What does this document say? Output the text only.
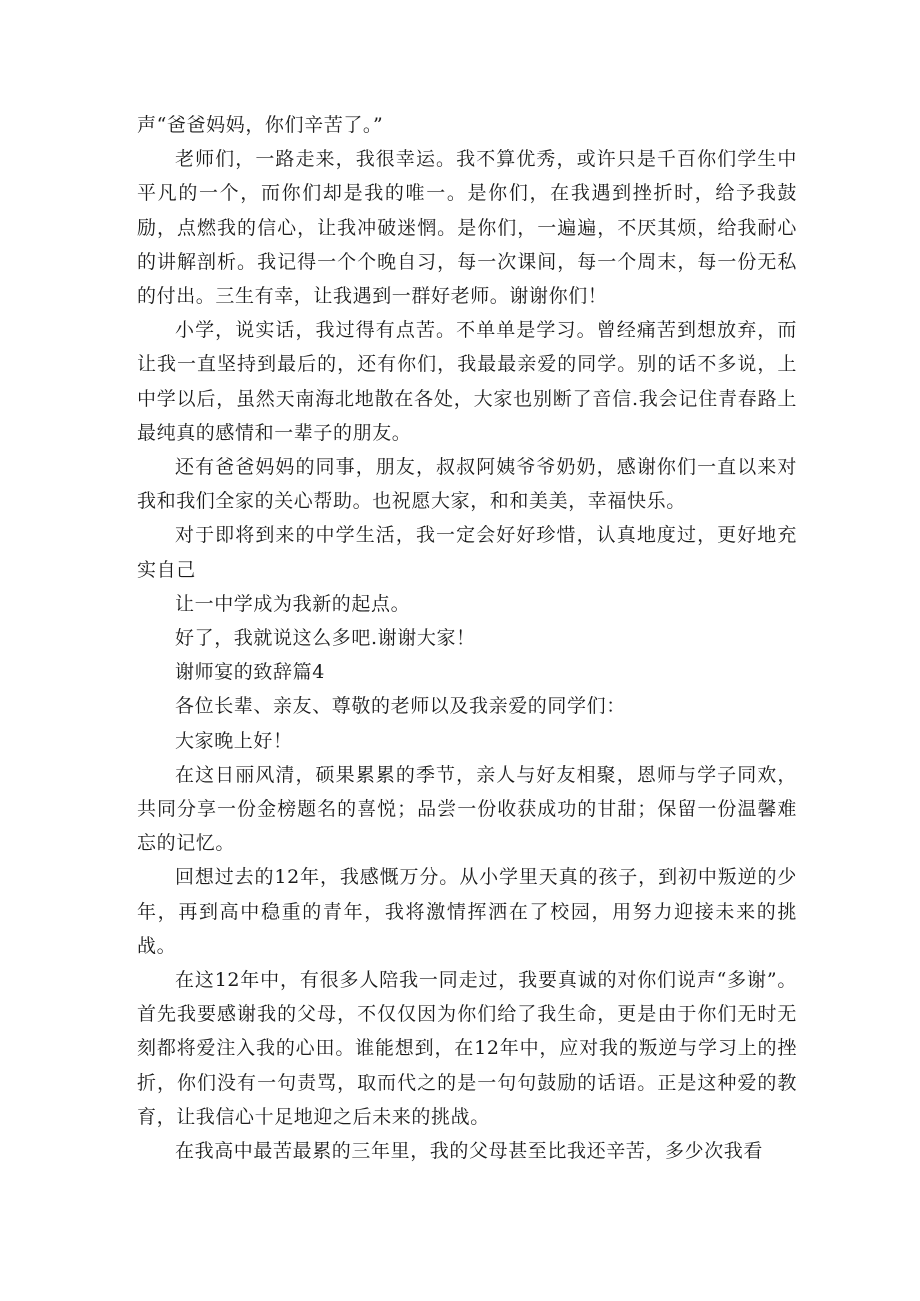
声“爸爸妈妈，你们辛苦了。”

老师们，一路走来，我很幸运。我不算优秀，或许只是千百你们学生中平凡的一个，而你们却是我的唯一。是你们，在我遇到挫折时，给予我鼓励，点燃我的信心，让我冲破迷惘。是你们，一遍遍，不厌其烦，给我耐心的讲解剖析。我记得一个个晚自习，每一次课间，每一个周末，每一份无私的付出。三生有幸，让我遇到一群好老师。谢谢你们！

小学，说实话，我过得有点苦。不单单是学习。曾经痛苦到想放弃，而让我一直坚持到最后的，还有你们，我最最亲爱的同学。别的话不多说，上中学以后，虽然天南海北地散在各处，大家也别断了音信.我会记住青春路上最纯真的感情和一辈子的朋友。

还有爸爸妈妈的同事，朋友，叔叔阿姨爷爷奶奶，感谢你们一直以来对我和我们全家的关心帮助。也祝愿大家，和和美美，幸福快乐。

对于即将到来的中学生活，我一定会好好珍惜，认真地度过，更好地充实自己

让一中学成为我新的起点。

好了，我就说这么多吧.谢谢大家！

谢师宴的致辞篇4

各位长辈、亲友、尊敬的老师以及我亲爱的同学们：

大家晚上好！

在这日丽风清，硕果累累的季节，亲人与好友相聚，恩师与学子同欢，共同分享一份金榜题名的喜悦；品尝一份收获成功的甘甜；保留一份温馨难忘的记忆。

回想过去的12年，我感慨万分。从小学里天真的孩子，到初中叛逆的少年，再到高中稳重的青年，我将激情挥洒在了校园，用努力迎接未来的挑战。

在这12年中，有很多人陪我一同走过，我要真诚的对你们说声“多谢”。首先我要感谢我的父母，不仅仅因为你们给了我生命，更是由于你们无时无刻都将爱注入我的心田。谁能想到，在12年中，应对我的叛逆与学习上的挫折，你们没有一句责骂，取而代之的是一句句鼓励的话语。正是这种爱的教育，让我信心十足地迎之后未来的挑战。

在我高中最苦最累的三年里，我的父母甚至比我还辛苦，多少次我看
